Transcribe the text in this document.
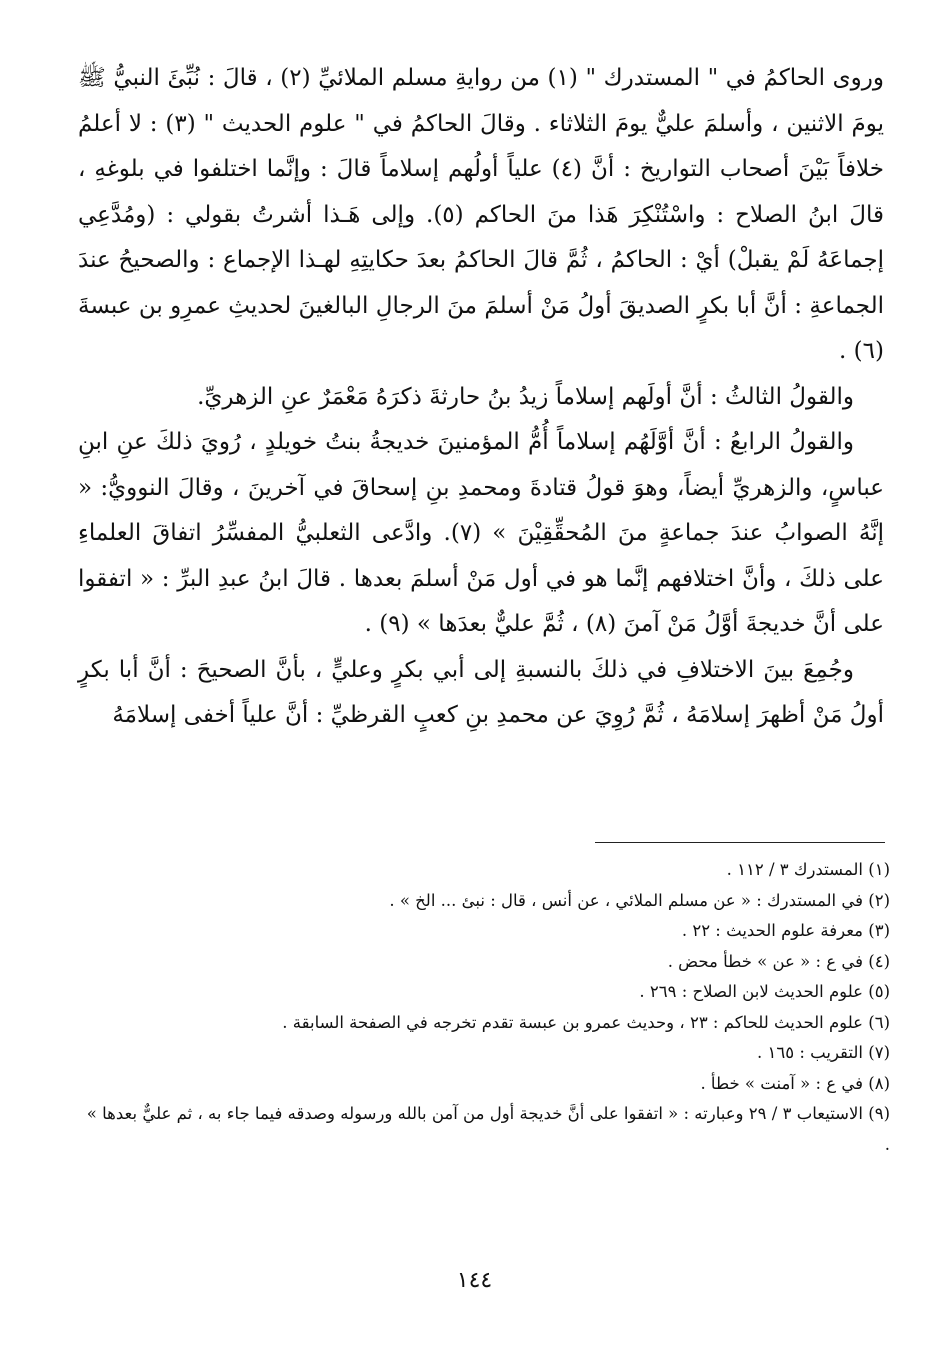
وروى الحاكمُ في " المستدرك " (١) من روايةِ مسلم الملائيِّ (٢) ، قالَ : نُبِّئَ النبيُّ ﷺ يومَ الاثنين ، وأسلمَ عليٌّ يومَ الثلاثاء . وقالَ الحاكمُ في " علوم الحديث " (٣) : لا أعلمُ خلافاً بَيْنَ أصحاب التواريخ : أنَّ (٤) علياً أولُهم إسلاماً قالَ : وإنَّما اختلفوا في بلوغهِ ، قالَ ابنُ الصلاح : واسْتُنْكِرَ هَذا منَ الحاكم (٥). وإلى هَـذا أشرتُ بقولي : (ومُدَّعِي إجماعَهُ لَمْ يقبلْ) أيْ : الحاكمُ ، ثُمَّ قالَ الحاكمُ بعدَ حكايتِهِ لهـذا الإجماع : والصحيحُ عندَ الجماعةِ : أنَّ أبا بكرٍ الصديقَ أولُ مَنْ أسلمَ منَ الرجالِ البالغينَ لحديثِ عمرِو بن عبسةَ (٦) .

والقولُ الثالثُ : أنَّ أولَهم إسلاماً زيدُ بنُ حارثةَ ذكرَهُ مَعْمَرٌ عنِ الزهريِّ.

والقولُ الرابعُ : أنَّ أوَّلَهُم إسلاماً أُمُّ المؤمنينَ خديجةُ بنتُ خويلدٍ ، رُويَ ذلكَ عنِ ابنِ عباسٍ، والزهريِّ أيضاً، وهوَ قولُ قتادةَ ومحمدِ بنِ إسحاقَ في آخرينَ ، وقالَ النوويُّ: « إنَّهُ الصوابُ عندَ جماعةٍ منَ المُحقِّقِيْنَ » (٧). وادَّعى الثعلبيُّ المفسِّرُ اتفاقَ العلماءِ على ذلكَ ، وأنَّ اختلافهم إنَّما هو في أول مَنْ أسلمَ بعدها . قالَ ابنُ عبدِ البرِّ : « اتفقوا على أنَّ خديجةَ أوَّلُ مَنْ آمنَ (٨) ، ثُمَّ عليٌّ بعدَها » (٩) .

وجُمِعَ بينَ الاختلافِ في ذلكَ بالنسبةِ إلى أبي بكرٍ وعليٍّ ، بأنَّ الصحيحَ : أنَّ أبا بكرٍ أولُ مَنْ أظهرَ إسلامَهُ ، ثُمَّ رُوِيَ عن محمدِ بنِ كعبٍ القرظيِّ : أنَّ علياً أخفى إسلامَهُ

(١) المستدرك ٣ / ١١٢ .

(٢) في المستدرك : « عن مسلم الملائي ، عن أنس ، قال : نبئ ... الخ » .

(٣) معرفة علوم الحديث : ٢٢ .

(٤) في ع : « عن » خطأ محض .

(٥) علوم الحديث لابن الصلاح : ٢٦٩ .

(٦) علوم الحديث للحاكم : ٢٣ ، وحديث عمرو بن عبسة تقدم تخرجه في الصفحة السابقة .

(٧) التقريب : ١٦٥ .

(٨) في ع : « آمنت » خطأ .

(٩) الاستيعاب ٣ / ٢٩ وعبارته : « اتفقوا على أنَّ خديجة أول من آمن بالله ورسوله وصدقه فيما جاء به ، ثم عليٌّ بعدها » .

١٤٤
